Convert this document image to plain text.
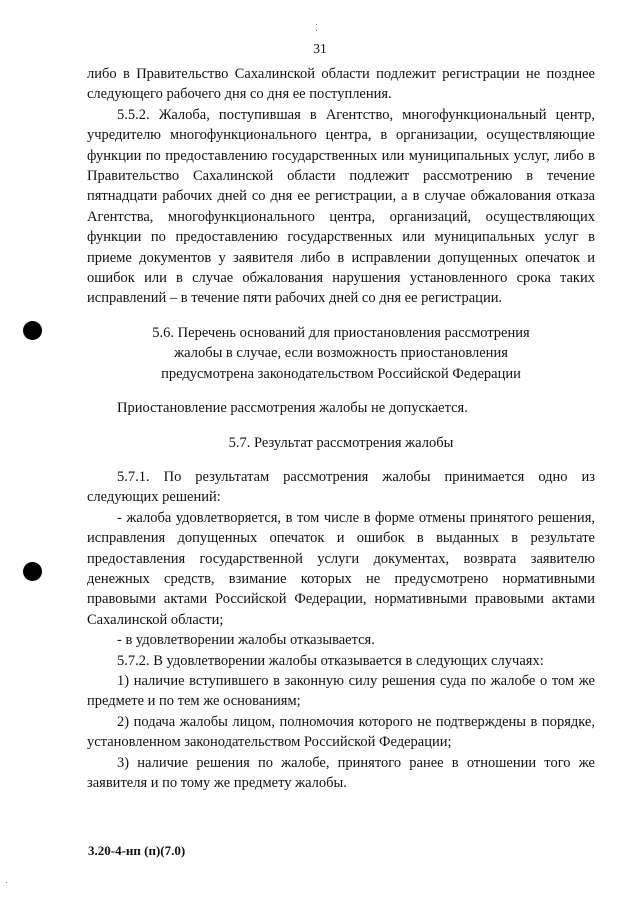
31

либо в Правительство Сахалинской области подлежит регистрации не позднее следующего рабочего дня со дня ее поступления.

5.5.2. Жалоба, поступившая в Агентство, многофункциональный центр, учредителю многофункционального центра, в организации, осуществляющие функции по предоставлению государственных или муниципальных услуг, либо в Правительство Сахалинской области подлежит рассмотрению в течение пятнадцати рабочих дней со дня ее регистрации, а в случае обжалования отказа Агентства, многофункционального центра, организаций, осуществляющих функции по предоставлению государственных или муниципальных услуг в приеме документов у заявителя либо в исправлении допущенных опечаток и ошибок или в случае обжалования нарушения установленного срока таких исправлений – в течение пяти рабочих дней со дня ее регистрации.

5.6. Перечень оснований для приостановления рассмотрения
жалобы в случае, если возможность приостановления
предусмотрена законодательством Российской Федерации

Приостановление рассмотрения жалобы не допускается.

5.7. Результат рассмотрения жалобы

5.7.1. По результатам рассмотрения жалобы принимается одно из следующих решений:

- жалоба удовлетворяется, в том числе в форме отмены принятого решения, исправления допущенных опечаток и ошибок в выданных в результате предоставления государственной услуги документах, возврата заявителю денежных средств, взимание которых не предусмотрено нормативными правовыми актами Российской Федерации, нормативными правовыми актами Сахалинской области;

- в удовлетворении жалобы отказывается.

5.7.2. В удовлетворении жалобы отказывается в следующих случаях:

1) наличие вступившего в законную силу решения суда по жалобе о том же предмете и по тем же основаниям;

2) подача жалобы лицом, полномочия которого не подтверждены в порядке, установленном законодательством Российской Федерации;

3) наличие решения по жалобе, принятого ранее в отношении того же заявителя и по тому же предмету жалобы.

3.20-4-нп (п)(7.0)
